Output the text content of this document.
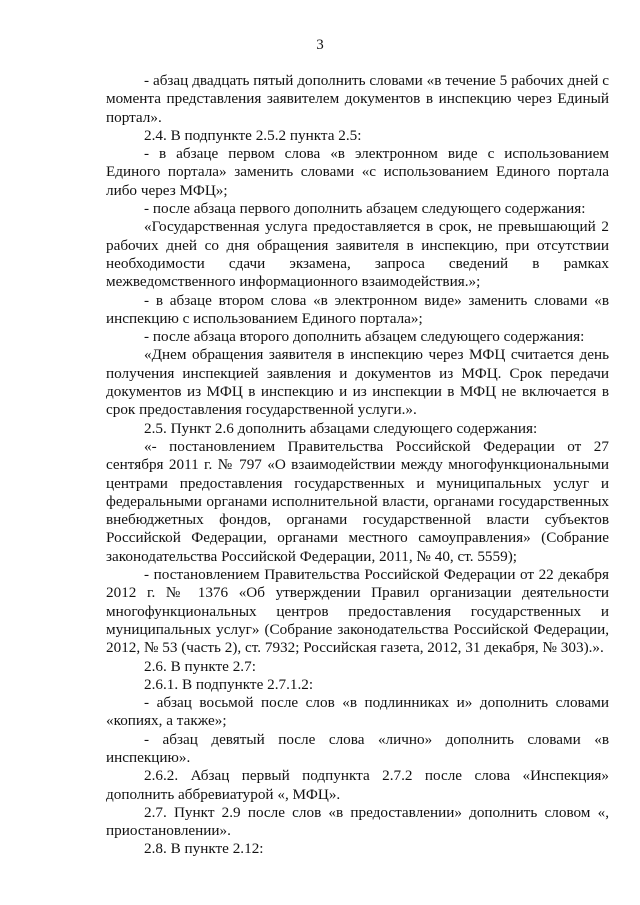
3

- абзац двадцать пятый дополнить словами «в течение 5 рабочих дней с момента представления заявителем документов в инспекцию через Единый портал».

2.4. В подпункте 2.5.2 пункта 2.5:

- в абзаце первом слова «в электронном виде с использованием Единого портала» заменить словами «с использованием Единого портала либо через МФЦ»;

- после абзаца первого дополнить абзацем следующего содержания:

«Государственная услуга предоставляется в срок, не превышающий 2 рабочих дней со дня обращения заявителя в инспекцию, при отсутствии необходимости сдачи экзамена, запроса сведений в рамках межведомственного информационного взаимодействия.»;

- в абзаце втором слова «в электронном виде» заменить словами «в инспекцию с использованием Единого портала»;

- после абзаца второго дополнить абзацем следующего содержания:

«Днем обращения заявителя в инспекцию через МФЦ считается день получения инспекцией заявления и документов из МФЦ. Срок передачи документов из МФЦ в инспекцию и из инспекции в МФЦ не включается в срок предоставления государственной услуги.».

2.5. Пункт 2.6 дополнить абзацами следующего содержания:

«- постановлением Правительства Российской Федерации от 27 сентября 2011 г. № 797 «О взаимодействии между многофункциональными центрами предоставления государственных и муниципальных услуг и федеральными органами исполнительной власти, органами государственных внебюджетных фондов, органами государственной власти субъектов Российской Федерации, органами местного самоуправления» (Собрание законодательства Российской Федерации, 2011, № 40, ст. 5559);

- постановлением Правительства Российской Федерации от 22 декабря 2012 г. № 1376 «Об утверждении Правил организации деятельности многофункциональных центров предоставления государственных и муниципальных услуг» (Собрание законодательства Российской Федерации, 2012, № 53 (часть 2), ст. 7932; Российская газета, 2012, 31 декабря, № 303).».

2.6. В пункте 2.7:

2.6.1. В подпункте 2.7.1.2:

- абзац восьмой после слов «в подлинниках и» дополнить словами «копиях, а также»;

- абзац девятый после слова «лично» дополнить словами «в инспекцию».

2.6.2. Абзац первый подпункта 2.7.2 после слова «Инспекция» дополнить аббревиатурой «, МФЦ».

2.7. Пункт 2.9 после слов «в предоставлении» дополнить словом «, приостановлении».

2.8. В пункте 2.12:
